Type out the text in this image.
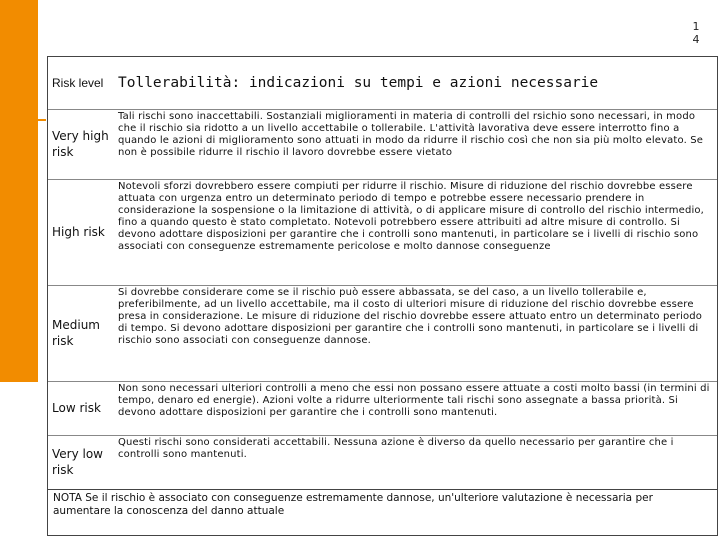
14
Risk level	Tollerabilità: indicazioni su tempi e azioni necessarie
Very high risk
Tali rischi sono inaccettabili. Sostanziali miglioramenti in materia di controlli del rsichio sono necessari, in modo che il rischio sia ridotto a un livello accettabile o tollerabile. L'attività lavorativa deve essere interrotto fino a quando le azioni di miglioramento sono attuati in modo da ridurre il rischio così che non sia più molto elevato. Se non è possibile ridurre il rischio il lavoro dovrebbe essere vietato
High risk
Notevoli sforzi dovrebbero essere compiuti per ridurre il rischio. Misure di riduzione del rischio dovrebbe essere attuata con urgenza entro un determinato periodo di tempo e potrebbe essere necessario prendere in considerazione la sospensione o la limitazione di attività, o di applicare misure di controllo del rischio intermedio, fino a quando questo è stato completato. Notevoli potrebbero essere attribuiti ad altre misure di controllo. Si devono adottare disposizioni per garantire che i controlli sono mantenuti, in particolare se i livelli di rischio sono associati con conseguenze estremamente pericolose e molto dannose conseguenze
Medium risk
Si dovrebbe considerare come se il rischio può essere abbassata, se del caso, a un livello tollerabile e, preferibilmente, ad un livello accettabile, ma il costo di ulteriori misure di riduzione del rischio dovrebbe essere presa in considerazione. Le misure di riduzione del rischio dovrebbe essere attuato entro un determinato periodo di tempo. Si devono adottare disposizioni per garantire che i controlli sono mantenuti, in particolare se i livelli di rischio sono associati con conseguenze dannose.
Low risk
Non sono necessari ulteriori controlli a meno che essi non possano essere attuate a costi molto bassi (in termini di tempo, denaro ed energie). Azioni volte a ridurre ulteriormente tali rischi sono assegnate a bassa priorità. Si devono adottare disposizioni per garantire che i controlli sono mantenuti.
Very low risk
Questi rischi sono considerati accettabili. Nessuna azione è diverso da quello necessario per garantire che i controlli sono mantenuti.
NOTA Se il rischio è associato con conseguenze estremamente dannose, un'ulteriore valutazione è necessaria per aumentare la conoscenza del danno attuale
